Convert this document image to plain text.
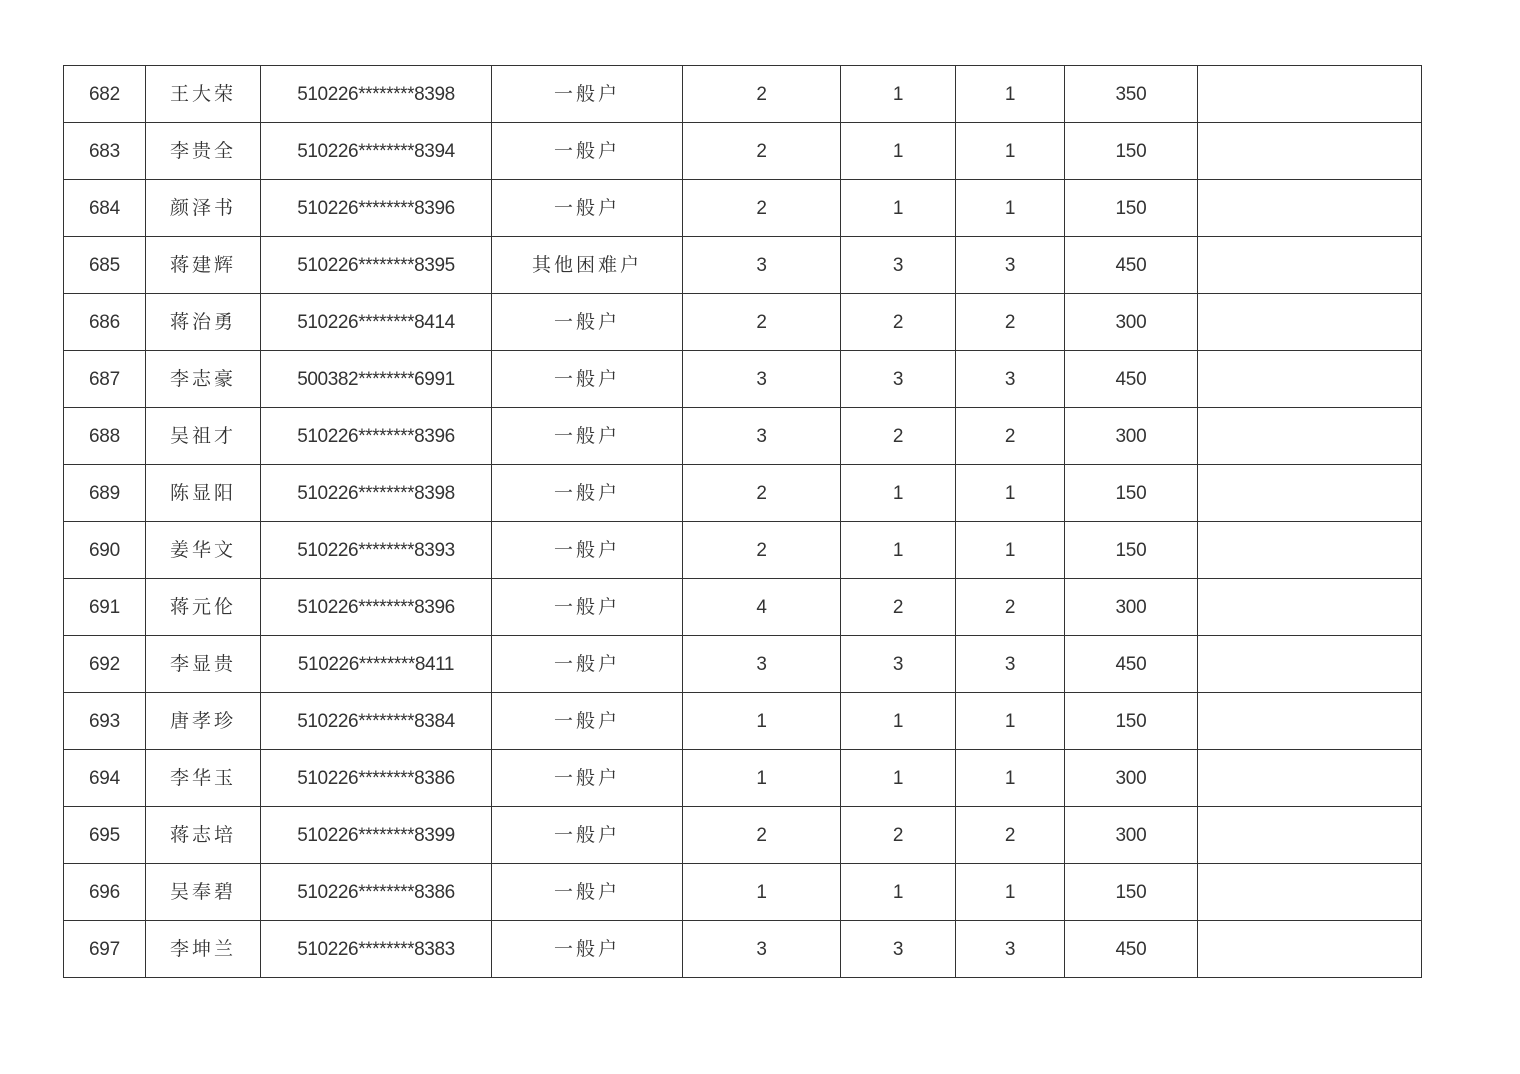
682	王大荣	510226********8398	一般户	2	1	1	350	
683	李贵全	510226********8394	一般户	2	1	1	150	
684	颜泽书	510226********8396	一般户	2	1	1	150	
685	蒋建辉	510226********8395	其他困难户	3	3	3	450	
686	蒋治勇	510226********8414	一般户	2	2	2	300	
687	李志豪	500382********6991	一般户	3	3	3	450	
688	吴祖才	510226********8396	一般户	3	2	2	300	
689	陈显阳	510226********8398	一般户	2	1	1	150	
690	姜华文	510226********8393	一般户	2	1	1	150	
691	蒋元伦	510226********8396	一般户	4	2	2	300	
692	李显贵	510226********8411	一般户	3	3	3	450	
693	唐孝珍	510226********8384	一般户	1	1	1	150	
694	李华玉	510226********8386	一般户	1	1	1	300	
695	蒋志培	510226********8399	一般户	2	2	2	300	
696	吴奉碧	510226********8386	一般户	1	1	1	150	
697	李坤兰	510226********8383	一般户	3	3	3	450	
